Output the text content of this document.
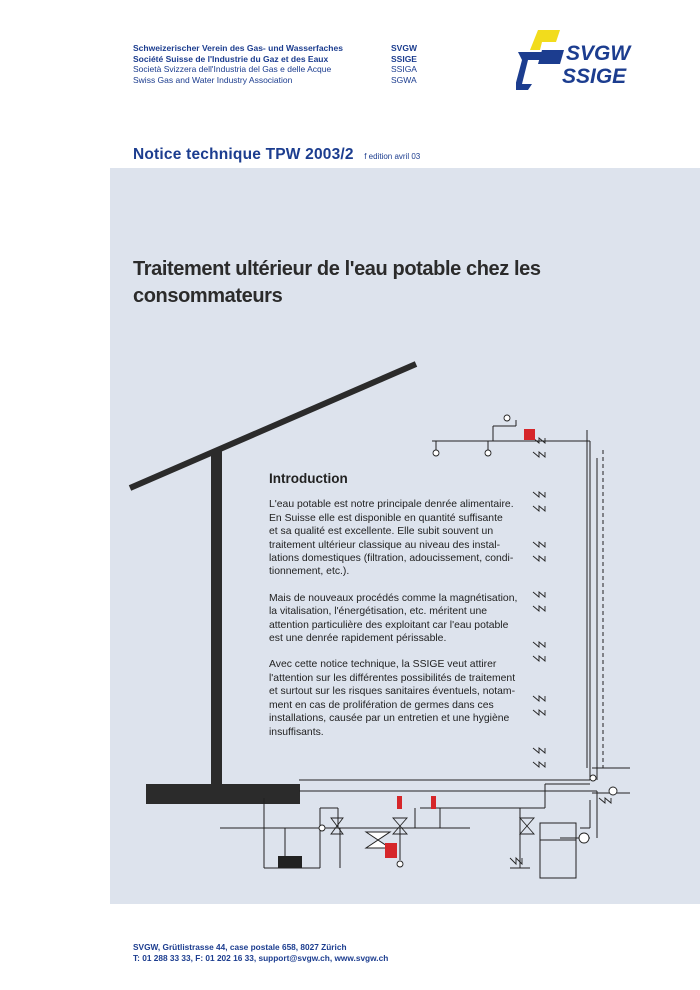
Schweizerischer Verein des Gas- und Wasserfaches	SVGW
Société Suisse de l'Industrie du Gaz et des Eaux	SSIGE
Società Svizzera dell'Industria del Gas e delle Acque	SSIGA
Swiss Gas and Water Industry Association	SGWA
SVGW
SSIGE
Notice technique TPW 2003/2 f edition avril 03
Traitement ultérieur de l'eau potable chez les consommateurs
Introduction

L'eau potable est notre principale denrée alimentaire.
En Suisse elle est disponible en quantité suffisante
et sa qualité est excellente. Elle subit souvent un
traitement ultérieur classique au niveau des instal-
lations domestiques (filtration, adoucissement, condi-
tionnement, etc.).

Mais de nouveaux procédés comme la magnétisation,
la vitalisation, l'énergétisation, etc. méritent une
attention particulière des exploitant car l'eau potable
est une denrée rapidement périssable.

Avec cette notice technique, la SSIGE veut attirer
l'attention sur les différentes possibilités de traitement
et surtout sur les risques sanitaires éventuels, notam-
ment en cas de prolifération de germes dans ces
installations, causée par un entretien et une hygiène
insuffisants.

SVGW, Grütlistrasse 44, case postale 658, 8027 Zürich
T: 01 288 33 33, F: 01 202 16 33, support@svgw.ch, www.svgw.ch
